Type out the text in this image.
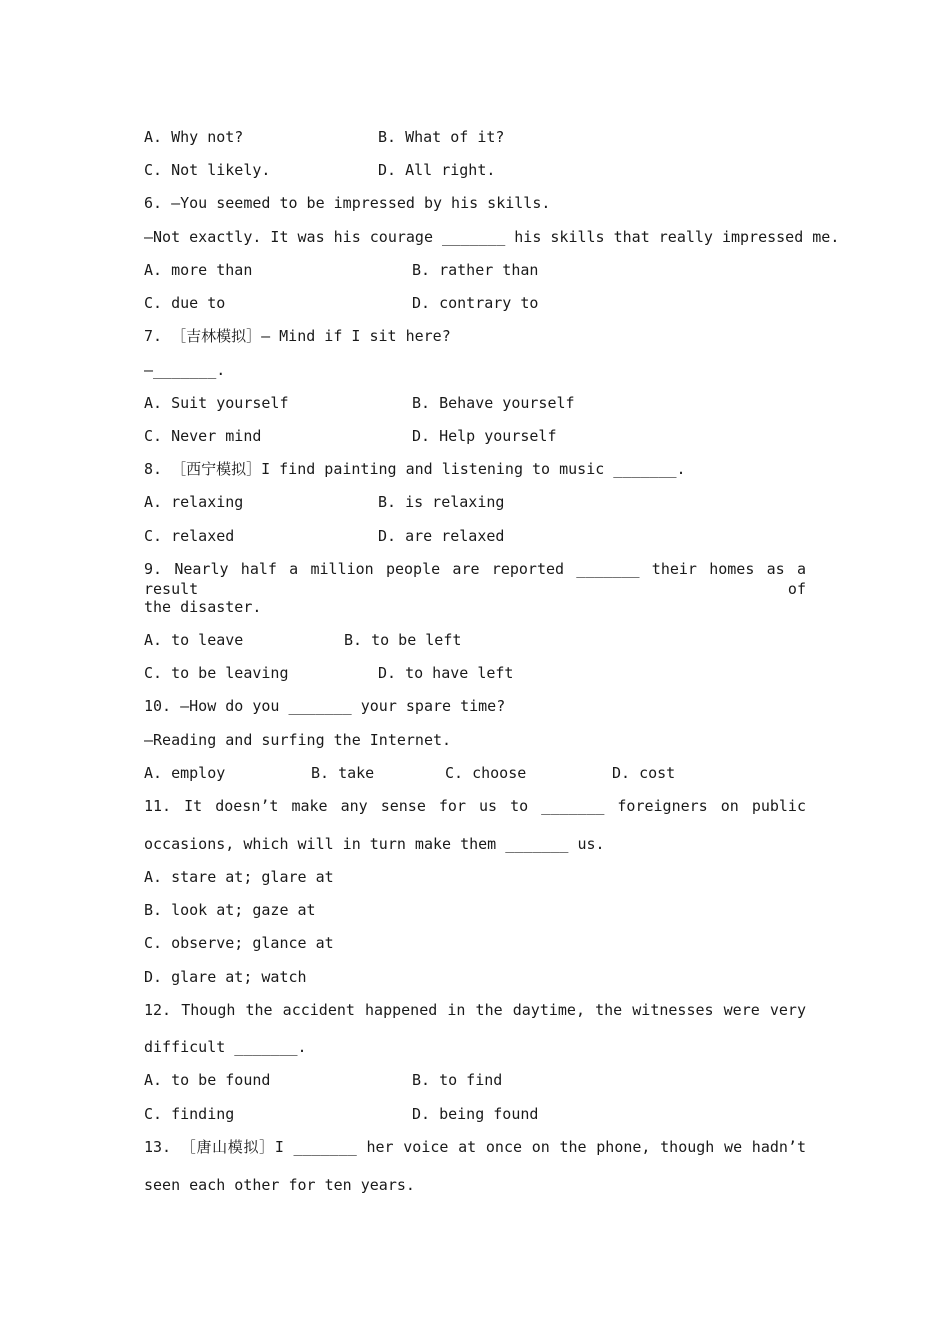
A. Why not?	B. What of it?
C. Not likely.	D. All right.
6. —You seemed to be impressed by his skills.
—Not exactly. It was his courage _______ his skills that really impressed me.
A. more than	B. rather than
C. due to	D. contrary to
7. ［吉林模拟］— Mind if I sit here?
—_______.
A. Suit yourself	B. Behave yourself
C. Never mind	D. Help yourself
8. ［西宁模拟］I find painting and listening to music _______.
A. relaxing	B. is relaxing
C. relaxed	D. are relaxed
9. Nearly half a million people are reported _______ their homes as a result of
the disaster.
A. to leave	B. to be left
C. to be leaving	D. to have left
10. —How do you _______ your spare time?
—Reading and surfing the Internet.
A. employ	B. take	C. choose	D. cost
11. It doesn’t make any sense for us to _______ foreigners on public
occasions, which will in turn make them _______ us.
A. stare at; glare at
B. look at; gaze at
C. observe; glance at
D. glare at; watch
12. Though the accident happened in the daytime, the witnesses were very
difficult _______.
A. to be found	B. to find
C. finding	D. being found
13. ［唐山模拟］I _______ her voice at once on the phone, though we hadn’t
seen each other for ten years.
